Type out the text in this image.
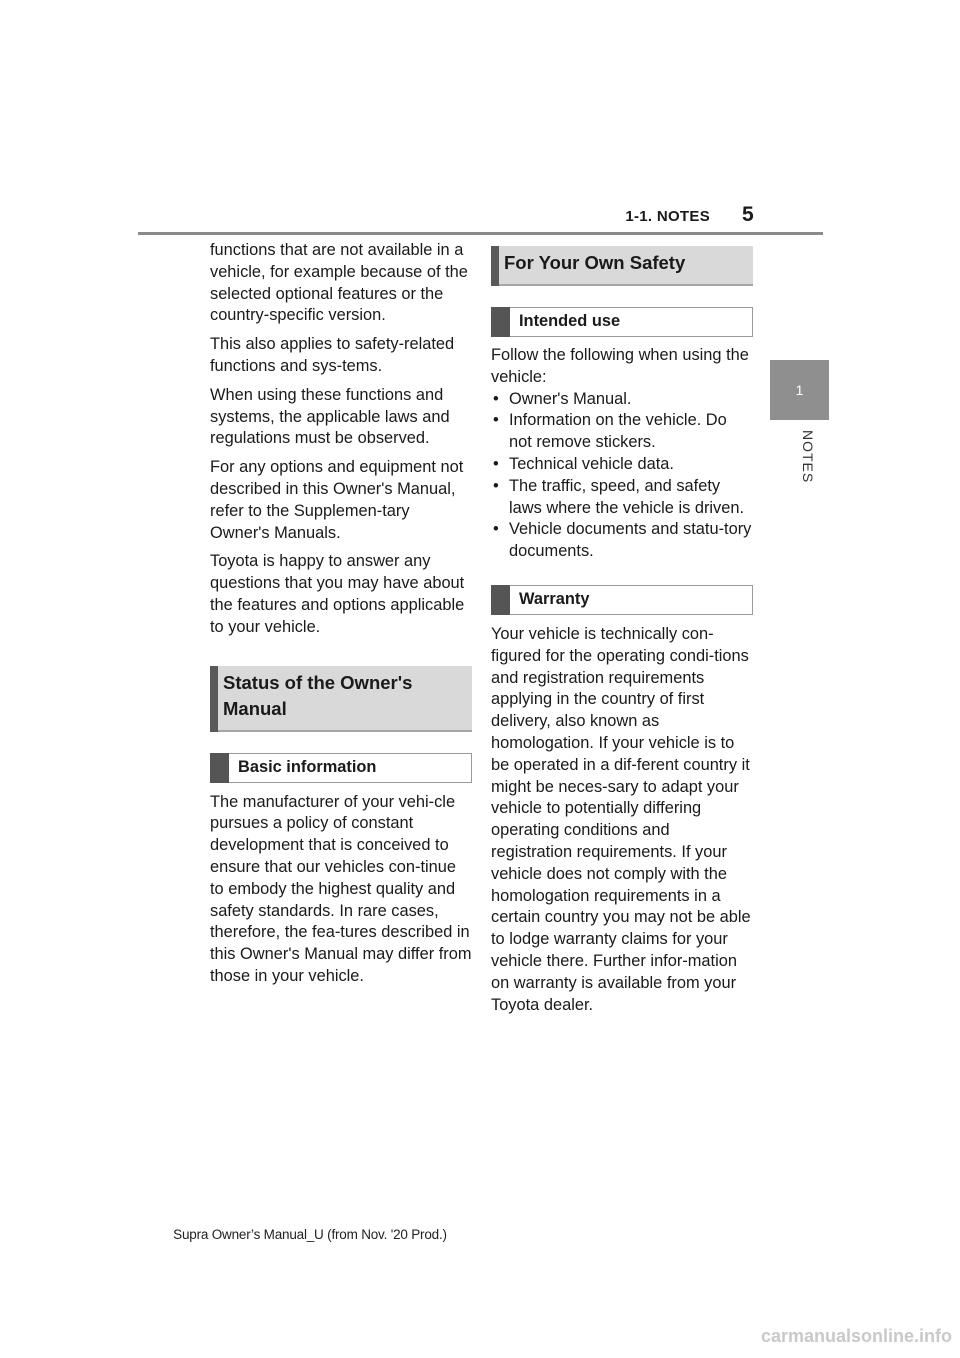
1-1. NOTES 5
1
NOTES

functions that are not available in a vehicle, for example because of the selected optional features or the country-specific version.

This also applies to safety-related functions and sys-tems.

When using these functions and systems, the applicable laws and regulations must be observed.

For any options and equipment not described in this Owner's Manual, refer to the Supplemen-tary Owner's Manuals.

Toyota is happy to answer any questions that you may have about the features and options applicable to your vehicle.

Status of the Owner's Manual
Basic information

The manufacturer of your vehi-cle pursues a policy of constant development that is conceived to ensure that our vehicles con-tinue to embody the highest quality and safety standards. In rare cases, therefore, the fea-tures described in this Owner's Manual may differ from those in your vehicle.

For Your Own Safety
Intended use

Follow the following when using the vehicle:

• Owner's Manual.
• Information on the vehicle. Do not remove stickers.
• Technical vehicle data.
• The traffic, speed, and safety laws where the vehicle is driven.
• Vehicle documents and statu-tory documents.
Warranty

Your vehicle is technically con-figured for the operating condi-tions and registration requirements applying in the country of first delivery, also known as homologation. If your vehicle is to be operated in a dif-ferent country it might be neces-sary to adapt your vehicle to potentially differing operating conditions and registration requirements. If your vehicle does not comply with the homologation requirements in a certain country you may not be able to lodge warranty claims for your vehicle there. Further infor-mation on warranty is available from your Toyota dealer.

Supra Owner’s Manual_U (from Nov. '20 Prod.)
carmanualsonline.info
